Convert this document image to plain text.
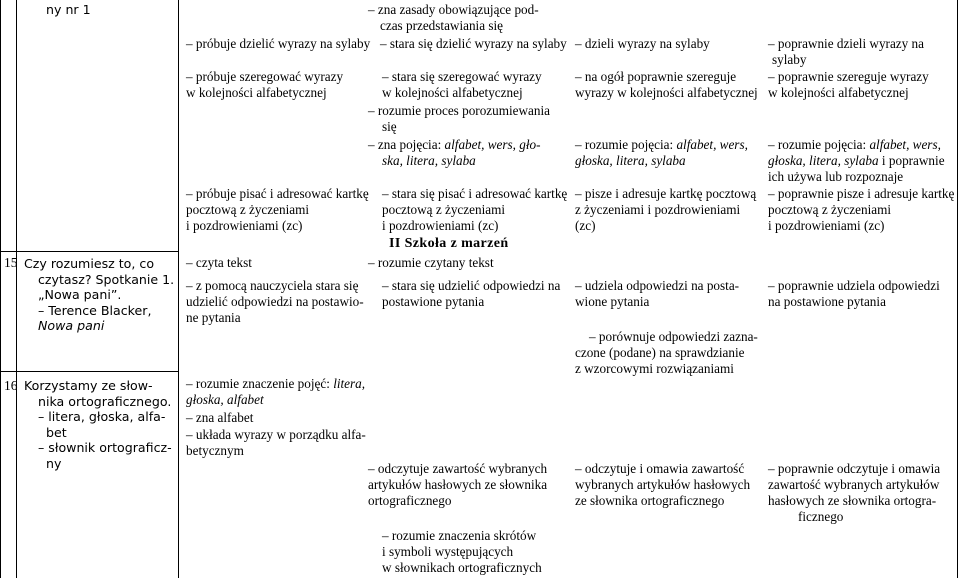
ny nr 1
15 Czy rozumiesz to, co
czytasz? Spotkanie 1.
„Nowa pani”.
– Terence Blacker,
Nowa pani
16 Korzystamy ze słow-
nika ortograficznego.
– litera, głoska, alfa-
bet
– słownik ortograficz-
ny
– zna zasady obowiązujące pod-
czas przedstawiania się
– próbuje dzielić wyrazy na sylaby – stara się dzielić wyrazy na sylaby – dzieli wyrazy na sylaby	– poprawnie dzieli wyrazy na
sylaby
– próbuje szeregować wyrazy
w kolejności alfabetycznej
– stara się szeregować wyrazy
w kolejności alfabetycznej
– na ogół poprawnie szereguje
wyrazy w kolejności alfabetycznej
– poprawnie szereguje wyrazy
w kolejności alfabetycznej
– rozumie proces porozumiewania
się
– zna pojęcia: alfabet, wers, gło-
ska, litera, sylaba
– rozumie pojęcia: alfabet, wers,
głoska, litera, sylaba
– rozumie pojęcia: alfabet, wers,
głoska, litera, sylaba i poprawnie
ich używa lub rozpoznaje
– próbuje pisać i adresować kartkę
pocztową z życzeniami
i pozdrowieniami (zc)
– stara się pisać i adresować kartkę
pocztową z życzeniami
i pozdrowieniami (zc)
– pisze i adresuje kartkę pocztową
z życzeniami i pozdrowieniami
(zc)
– poprawnie pisze i adresuje kartkę
pocztową z życzeniami
i pozdrowieniami (zc)
II Szkoła z marzeń
– czyta tekst	– rozumie czytany tekst
– z pomocą nauczyciela stara się
udzielić odpowiedzi na postawio-
ne pytania
– stara się udzielić odpowiedzi na
postawione pytania
– udziela odpowiedzi na posta-
wione pytania
– poprawnie udziela odpowiedzi
na postawione pytania
– porównuje odpowiedzi zazna-
czone (podane) na sprawdzianie
z wzorcowymi rozwiązaniami
– rozumie znaczenie pojęć: litera,
głoska, alfabet
– zna alfabet
– układa wyrazy w porządku alfa-
betycznym
– odczytuje zawartość wybranych
artykułów hasłowych ze słownika
ortograficznego
– odczytuje i omawia zawartość
wybranych artykułów hasłowych
ze słownika ortograficznego
– poprawnie odczytuje i omawia
zawartość wybranych artykułów
hasłowych ze słownika ortogra-
ficznego
– rozumie znaczenia skrótów
i symboli występujących
w słownikach ortograficznych
